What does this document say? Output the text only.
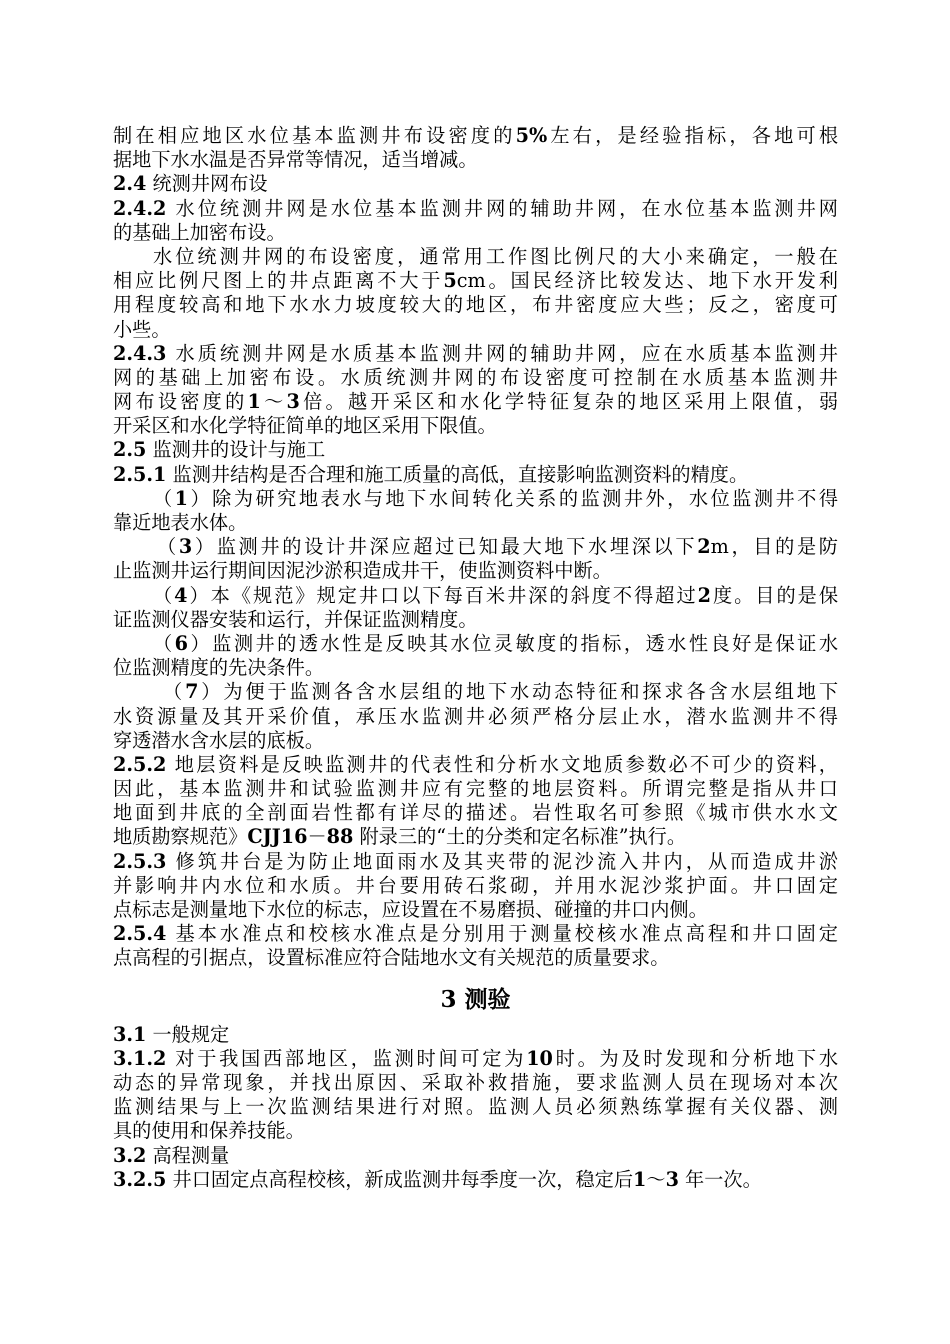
制在相应地区水位基本监测井布设密度的5%左右，是经验指标，各地可根
据地下水水温是否异常等情况，适当增减。
2.4 统测井网布设
2.4.2 水位统测井网是水位基本监测井网的辅助井网，在水位基本监测井网
的基础上加密布设。
水位统测井网的布设密度，通常用工作图比例尺的大小来确定，一般在
相应比例尺图上的井点距离不大于5cm。国民经济比较发达、地下水开发利
用程度较高和地下水水力坡度较大的地区，布井密度应大些；反之，密度可
小些。
2.4.3 水质统测井网是水质基本监测井网的辅助井网，应在水质基本监测井
网的基础上加密布设。水质统测井网的布设密度可控制在水质基本监测井
网布设密度的1～3倍。越开采区和水化学特征复杂的地区采用上限值，弱
开采区和水化学特征简单的地区采用下限值。
2.5 监测井的设计与施工
2.5.1 监测井结构是否合理和施工质量的高低，直接影响监测资料的精度。
（1）除为研究地表水与地下水间转化关系的监测井外，水位监测井不得
靠近地表水体。
（3）监测井的设计井深应超过已知最大地下水埋深以下2m，目的是防
止监测井运行期间因泥沙淤积造成井干，使监测资料中断。
（4）本《规范》规定井口以下每百米井深的斜度不得超过2度。目的是保
证监测仪器安装和运行，并保证监测精度。
（6）监测井的透水性是反映其水位灵敏度的指标，透水性良好是保证水
位监测精度的先决条件。
（7）为便于监测各含水层组的地下水动态特征和探求各含水层组地下
水资源量及其开采价值，承压水监测井必须严格分层止水，潜水监测井不得
穿透潜水含水层的底板。
2.5.2 地层资料是反映监测井的代表性和分析水文地质参数必不可少的资料，
因此，基本监测井和试验监测井应有完整的地层资料。所谓完整是指从井口
地面到井底的全剖面岩性都有详尽的描述。岩性取名可参照《城市供水水文
地质勘察规范》CJJ16－88 附录三的“土的分类和定名标准”执行。
2.5.3 修筑井台是为防止地面雨水及其夹带的泥沙流入井内，从而造成井淤
并影响井内水位和水质。井台要用砖石浆砌，并用水泥沙浆护面。井口固定
点标志是测量地下水位的标志，应设置在不易磨损、碰撞的井口内侧。
2.5.4 基本水准点和校核水准点是分别用于测量校核水准点高程和井口固定
点高程的引据点，设置标准应符合陆地水文有关规范的质量要求。
3 测验
3.1 一般规定
3.1.2 对于我国西部地区，监测时间可定为10时。为及时发现和分析地下水
动态的异常现象，并找出原因、采取补救措施，要求监测人员在现场对本次
监测结果与上一次监测结果进行对照。监测人员必须熟练掌握有关仪器、测
具的使用和保养技能。
3.2 高程测量
3.2.5 井口固定点高程校核，新成监测井每季度一次，稳定后1～3 年一次。
